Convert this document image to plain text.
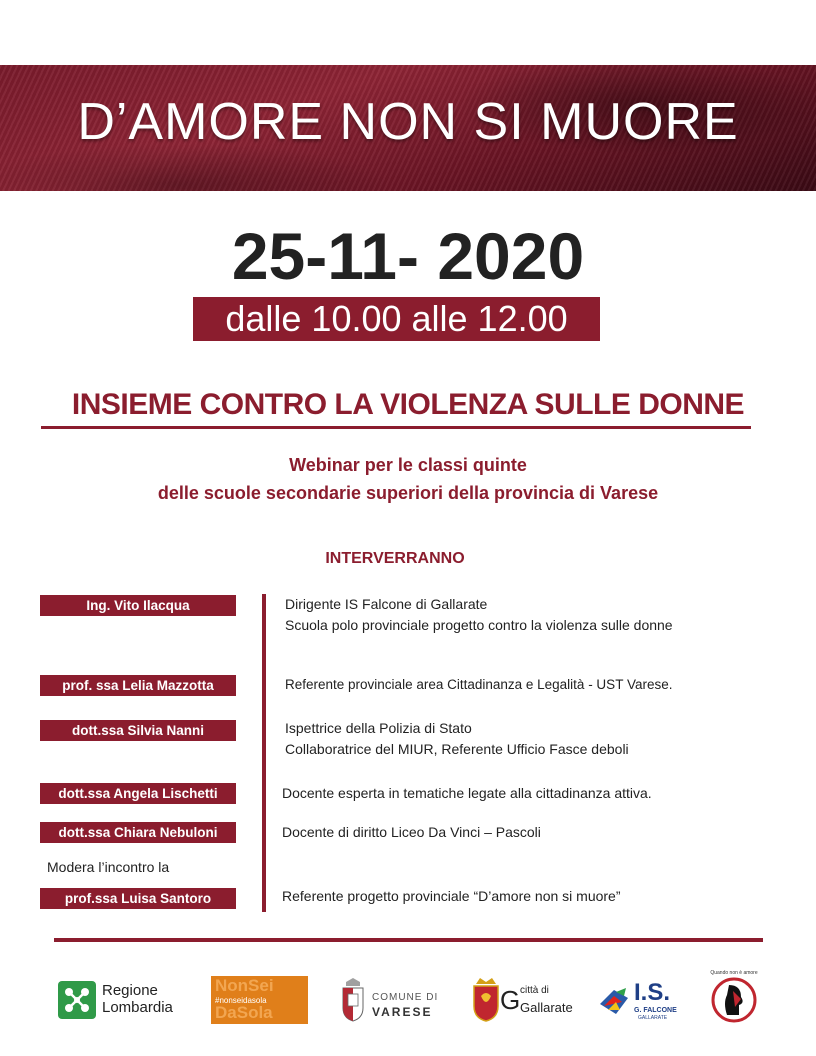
D’AMORE NON SI MUORE
25-11- 2020
dalle 10.00 alle 12.00
INSIEME CONTRO LA VIOLENZA SULLE DONNE
Webinar per le classi quinte
delle scuole secondarie superiori della provincia di Varese
INTERVERRANNO
Ing. Vito Ilacqua	Dirigente IS Falcone di Gallarate
Scuola polo provinciale progetto contro la violenza sulle donne
prof. ssa Lelia Mazzotta	Referente provinciale area Cittadinanza e Legalità - UST Varese.
dott.ssa Silvia Nanni	Ispettrice della Polizia di Stato
Collaboratrice del MIUR, Referente Ufficio Fasce deboli
dott.ssa Angela Lischetti	Docente esperta in tematiche legate alla cittadinanza attiva.
dott.ssa Chiara Nebuloni	Docente di diritto Liceo Da Vinci – Pascoli
Modera l’incontro la
prof.ssa Luisa Santoro	Referente progetto provinciale “D’amore non si muore”
Regione
Lombardia
NonSei
#nonseidasola
DaSola
COMUNE DI
VARESE	G città di
Gallarate
I.S.
G. FALCONE
GALLARATE
Quando non è amore
